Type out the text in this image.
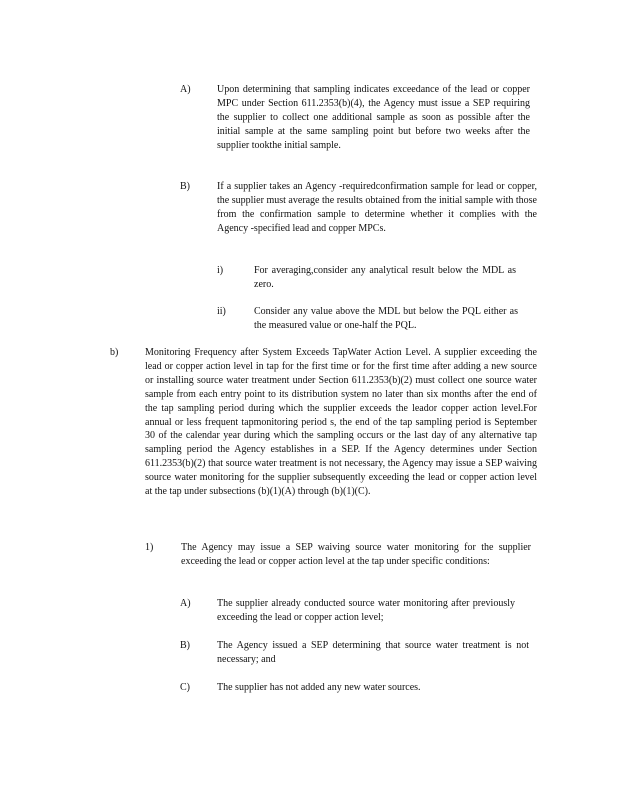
A)	Upon determining that sampling indicates exceedance of the lead or copper MPC under Section 611.2353(b)(4), the Agency must issue a SEP requiring the supplier to collect one additional sample as soon as possible after the initial sample at the same sampling point but before two weeks after the supplier tookthe initial sample.
B)	If a supplier takes an Agency -requiredconfirmation sample for lead or copper, the supplier must average the results obtained from the initial sample with those from the confirmation sample to determine whether it complies with the Agency -specified lead and copper MPCs.
i)	For averaging,consider any analytical result below the MDL as zero.
ii)	Consider any value above the MDL but below the PQL either as the measured value or one-half the PQL.
b)	Monitoring Frequency after System Exceeds TapWater Action Level. A supplier exceeding the lead or copper action level in tap for the first time or for the first time after adding a new source or installing source water treatment under Section 611.2353(b)(2) must collect one source water sample from each entry point to its distribution system no later than six months after the end of the tap sampling period during which the supplier exceeds the leador copper action level.For annual or less frequent tapmonitoring period s, the end of the tap sampling period is September 30 of the calendar year during which the sampling occurs or the last day of any alternative tap sampling period the Agency establishes in a SEP. If the Agency determines under Section 611.2353(b)(2) that source water treatment is not necessary, the Agency may issue a SEP waiving source water monitoring for the supplier subsequently exceeding the lead or copper action level at the tap under subsections (b)(1)(A) through (b)(1)(C).
1)	The Agency may issue a SEP waiving source water monitoring for the supplier exceeding the lead or copper action level at the tap under specific conditions:
A)	The supplier already conducted source water monitoring after previously exceeding the lead or copper action level;
B)	The Agency issued a SEP determining that source water treatment is not necessary; and
C)	The supplier has not added any new water sources.
